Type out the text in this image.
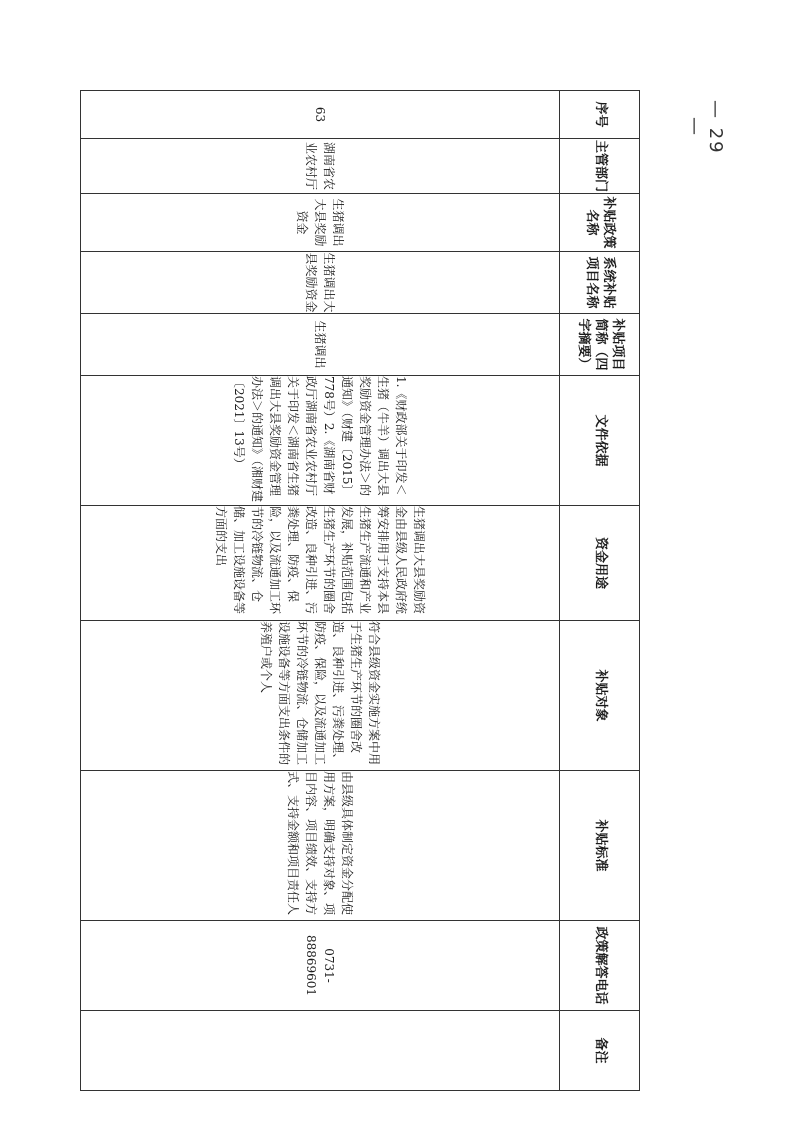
— 29 —
序号	主管部门	补贴政策名称	系统补贴项目名称	补贴项目简称（四字摘要）	文件依据	资金用途	补贴对象	补贴标准	政策解答电话	备注
63	湖南省农业农村厅	生猪调出大县奖励资金	生猪调出大县奖励资金	生猪调出	1.《财政部关于印发＜生猪（牛羊）调出大县奖励资金管理办法＞的通知》（财建〔2015〕778号）2.《湖南省财政厅湖南省农业农村厅关于印发＜湖南省生猪调出大县奖励资金管理办法＞的通知》（湘财建〔2021〕13号）	生猪调出大县奖励资金由县级人民政府统筹安排用于支持本县生猪生产流通和产业发展，补贴范围包括生猪生产环节的圈舍改造、良种引进、污粪处理、防疫、保险，以及流通加工环节的冷链物流、仓储、加工设施设备等方面的支出	符合县级资金实施方案中用于生猪生产环节的圈舍改造、良种引进、污粪处理、防疫、保险，以及流通加工环节的冷链物流、仓储加工设施设备等方面支出条件的养殖户或个人	由县级具体制定资金分配使用方案，明确支持对象、项目内容、项目绩效、支持方式、支持金额和项目责任人	0731-88869601	
